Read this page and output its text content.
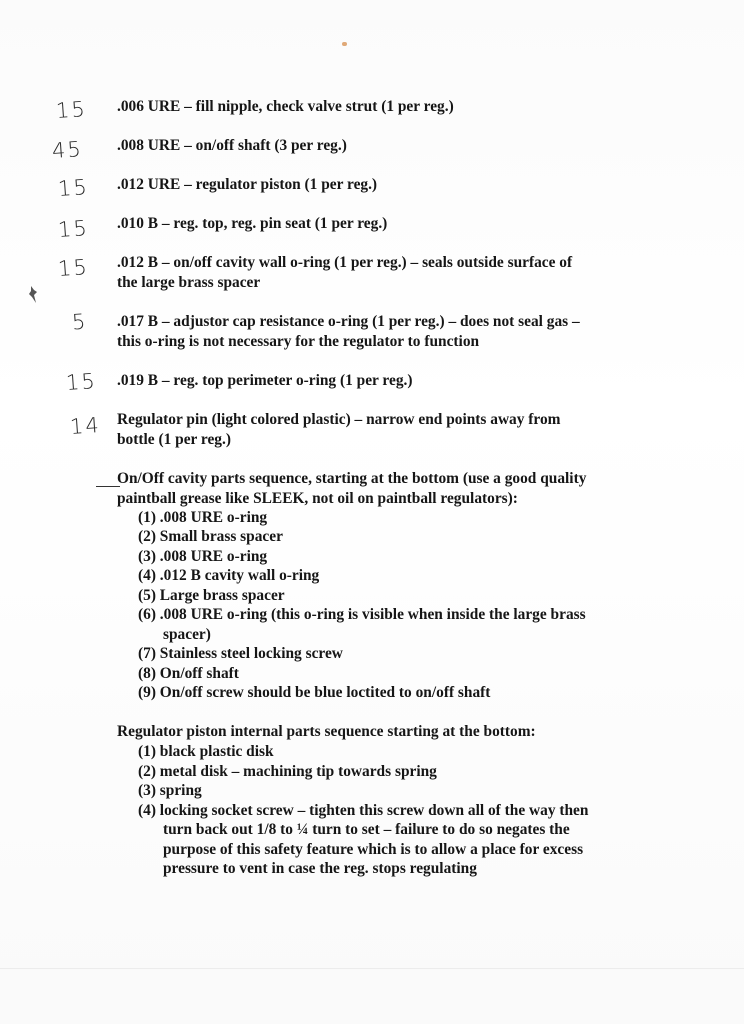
15
45
15
15
15
5
15
14
.006 URE – fill nipple, check valve strut (1 per reg.)
.008 URE – on/off shaft (3 per reg.)
.012 URE – regulator piston (1 per reg.)
.010 B – reg. top, reg. pin seat (1 per reg.)
.012 B – on/off cavity wall o-ring (1 per reg.) – seals outside surface of
the large brass spacer
.017 B – adjustor cap resistance o-ring (1 per reg.) – does not seal gas –
this o-ring is not necessary for the regulator to function
.019 B – reg. top perimeter o-ring (1 per reg.)
Regulator pin (light colored plastic) – narrow end points away from
bottle (1 per reg.)
On/Off cavity parts sequence, starting at the bottom (use a good quality
paintball grease like SLEEK, not oil on paintball regulators):
(1) .008 URE o-ring
(2) Small brass spacer
(3) .008 URE o-ring
(4) .012 B cavity wall o-ring
(5) Large brass spacer
(6) .008 URE o-ring (this o-ring is visible when inside the large brass
spacer)
(7) Stainless steel locking screw
(8) On/off shaft
(9) On/off screw should be blue loctited to on/off shaft
Regulator piston internal parts sequence starting at the bottom:
(1) black plastic disk
(2) metal disk – machining tip towards spring
(3) spring
(4) locking socket screw – tighten this screw down all of the way then
turn back out 1/8 to ¼ turn to set – failure to do so negates the
purpose of this safety feature which is to allow a place for excess
pressure to vent in case the reg. stops regulating
